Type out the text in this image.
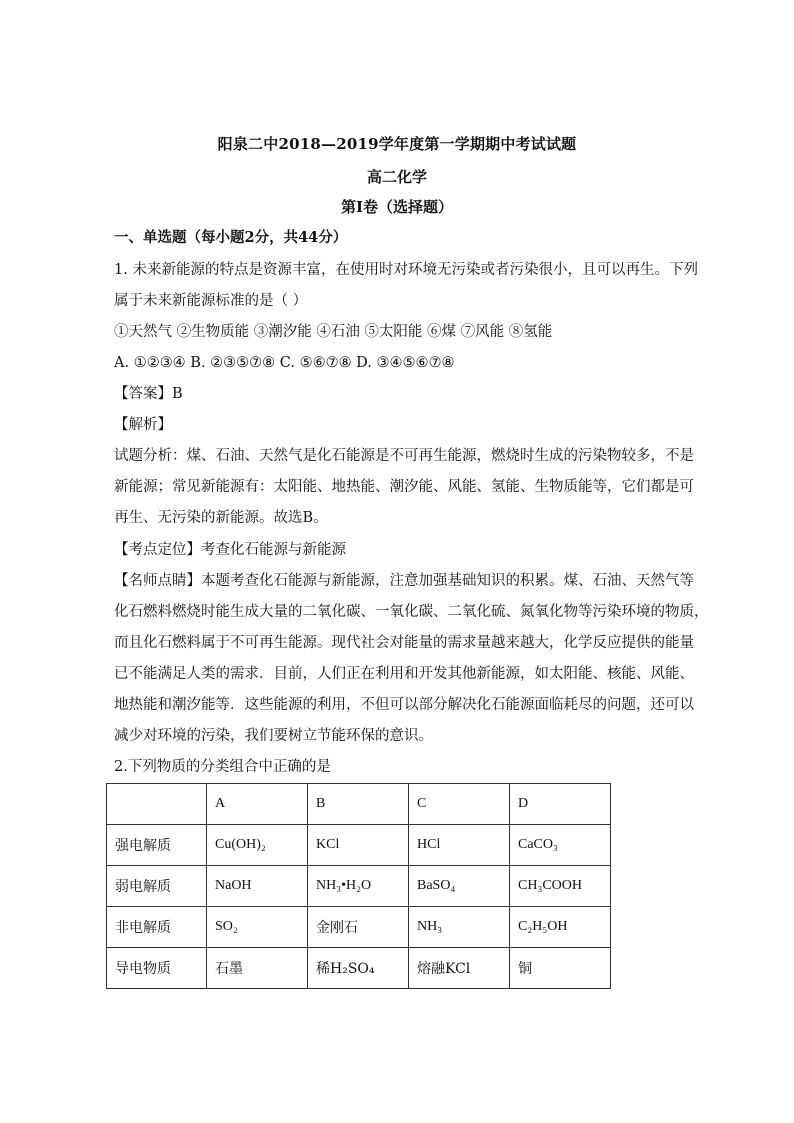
阳泉二中2018—2019学年度第一学期期中考试试题
高二化学
第I卷（选择题）
一、单选题（每小题2分，共44分）
1. 未来新能源的特点是资源丰富，在使用时对环境无污染或者污染很小，且可以再生。下列
属于未来新能源标准的是（ ）
①天然气 ②生物质能 ③潮汐能 ④石油 ⑤太阳能 ⑥煤 ⑦风能 ⑧氢能
A. ①②③④ B. ②③⑤⑦⑧ C. ⑤⑥⑦⑧ D. ③④⑤⑥⑦⑧
【答案】B
【解析】
试题分析：煤、石油、天然气是化石能源是不可再生能源，燃烧时生成的污染物较多，不是
新能源；常见新能源有：太阳能、地热能、潮汐能、风能、氢能、生物质能等，它们都是可
再生、无污染的新能源。故选B。
【考点定位】考查化石能源与新能源
【名师点睛】本题考查化石能源与新能源，注意加强基础知识的积累。煤、石油、天然气等
化石燃料燃烧时能生成大量的二氧化碳、一氧化碳、二氧化硫、氮氧化物等污染环境的物质，
而且化石燃料属于不可再生能源。现代社会对能量的需求量越来越大，化学反应提供的能量
已不能满足人类的需求．目前，人们正在利用和开发其他新能源，如太阳能、核能、风能、
地热能和潮汐能等．这些能源的利用，不但可以部分解决化石能源面临耗尽的问题，还可以
减少对环境的污染，我们要树立节能环保的意识。
2.下列物质的分类组合中正确的是
	A	B	C	D
强电解质	Cu(OH)₂	KCl	HCl	CaCO₃
弱电解质	NaOH	NH₃•H₂O	BaSO₄	CH₃COOH
非电解质	SO₂	金刚石	NH₃	C₂H₅OH
导电物质	石墨	稀H₂SO₄	熔融KCl	铜
